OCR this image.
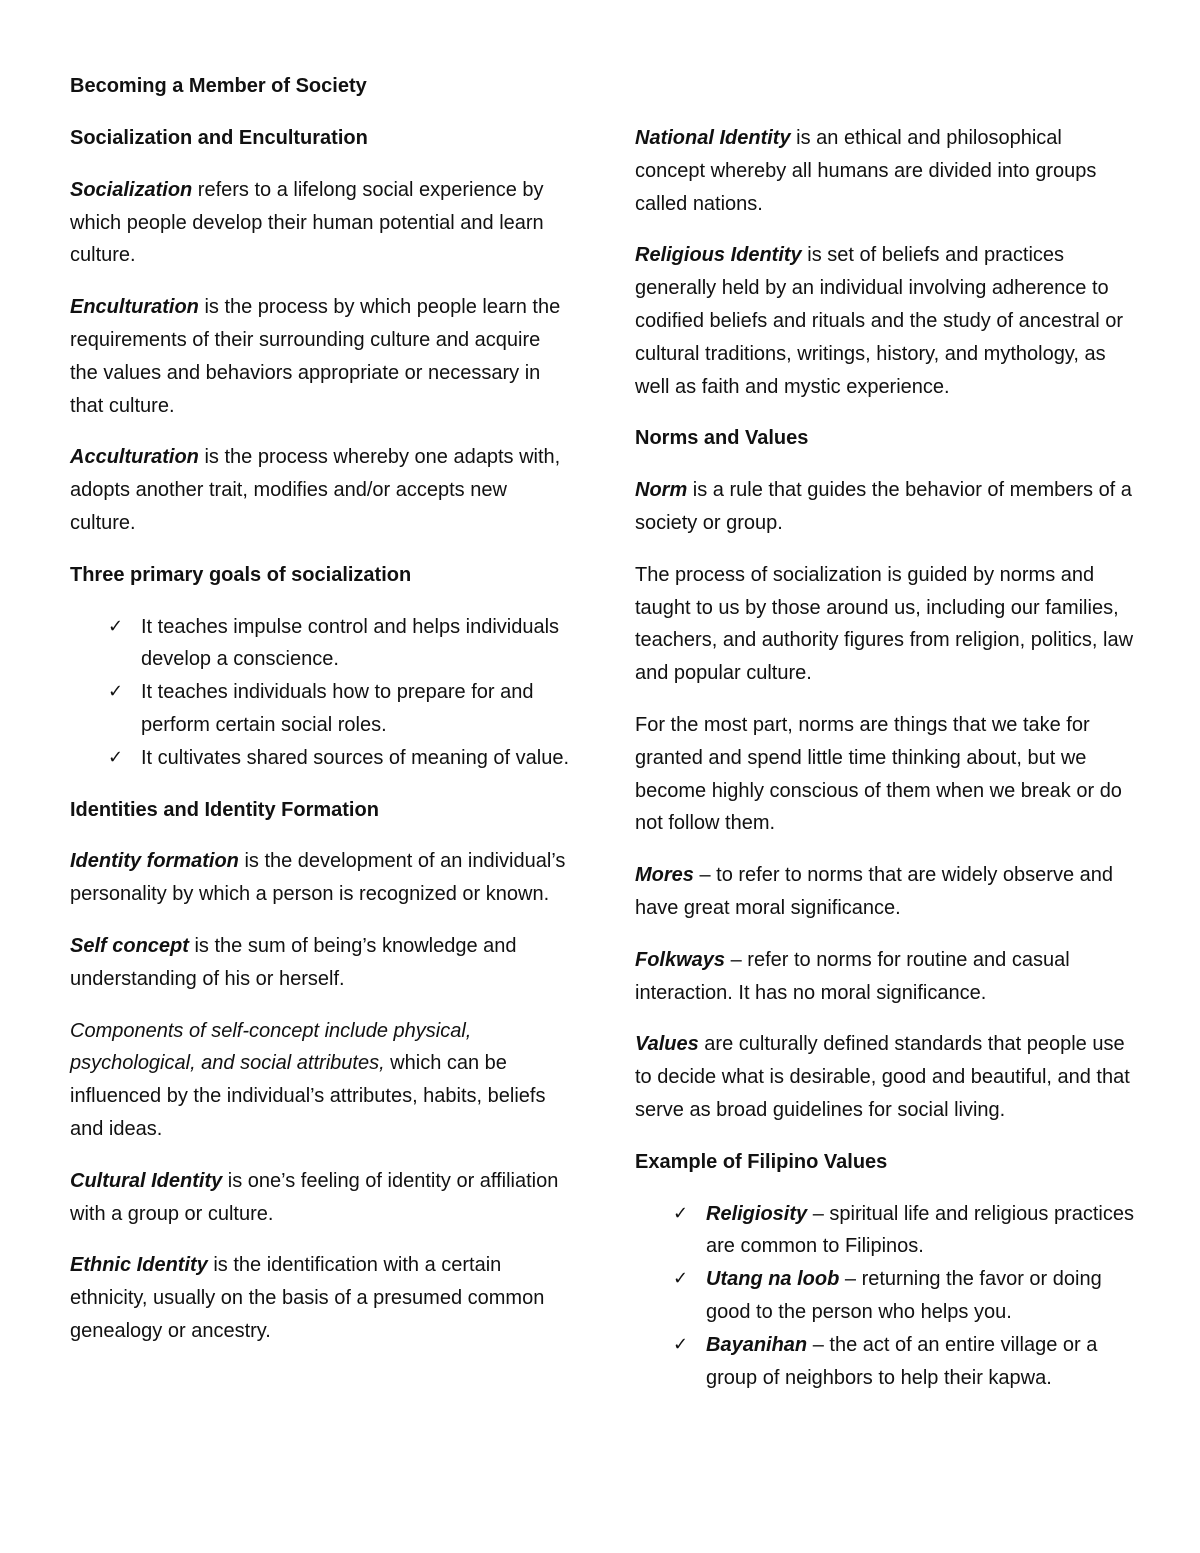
Becoming a Member of Society
Socialization and Enculturation

Socialization refers to a lifelong social experience by which people develop their human potential and learn culture.

Enculturation is the process by which people learn the requirements of their surrounding culture and acquire the values and behaviors appropriate or necessary in that culture.

Acculturation is the process whereby one adapts with, adopts another trait, modifies and/or accepts new culture.

Three primary goals of socialization
✓ It teaches impulse control and helps individuals develop a conscience.
✓ It teaches individuals how to prepare for and perform certain social roles.
✓ It cultivates shared sources of meaning of value.
Identities and Identity Formation

Identity formation is the development of an individual’s personality by which a person is recognized or known.

Self concept is the sum of being’s knowledge and understanding of his or herself.

Components of self-concept include physical, psychological, and social attributes, which can be influenced by the individual’s attributes, habits, beliefs and ideas.

Cultural Identity is one’s feeling of identity or affiliation with a group or culture.

Ethnic Identity is the identification with a certain ethnicity, usually on the basis of a presumed common genealogy or ancestry.

National Identity is an ethical and philosophical concept whereby all humans are divided into groups called nations.

Religious Identity is set of beliefs and practices generally held by an individual involving adherence to codified beliefs and rituals and the study of ancestral or cultural traditions, writings, history, and mythology, as well as faith and mystic experience.

Norms and Values

Norm is a rule that guides the behavior of members of a society or group.

The process of socialization is guided by norms and taught to us by those around us, including our families, teachers, and authority figures from religion, politics, law and popular culture.

For the most part, norms are things that we take for granted and spend little time thinking about, but we become highly conscious of them when we break or do not follow them.

Mores – to refer to norms that are widely observe and have great moral significance.

Folkways – refer to norms for routine and casual interaction. It has no moral significance.

Values are culturally defined standards that people use to decide what is desirable, good and beautiful, and that serve as broad guidelines for social living.

Example of Filipino Values
✓ Religiosity – spiritual life and religious practices are common to Filipinos.
✓ Utang na loob – returning the favor or doing good to the person who helps you.
✓ Bayanihan – the act of an entire village or a group of neighbors to help their kapwa.
